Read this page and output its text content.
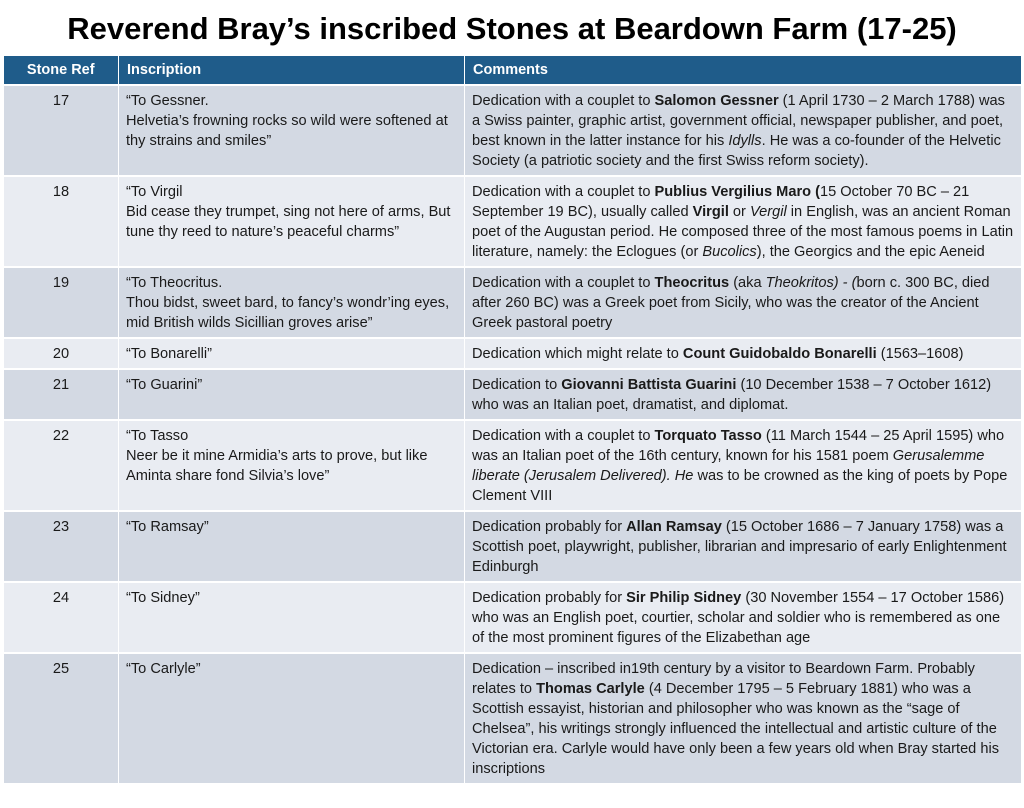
Reverend Bray’s inscribed Stones at Beardown Farm (17-25)
Stone Ref	Inscription	Comments
17	“To Gessner.
Helvetia’s frowning rocks so wild were softened at thy strains and smiles”	Dedication with a couplet to Salomon Gessner (1 April 1730 – 2 March 1788) was a Swiss painter, graphic artist, government official, newspaper publisher, and poet, best known in the latter instance for his Idylls. He was a co-founder of the Helvetic Society (a patriotic society and the first Swiss reform society).
18	“To Virgil
Bid cease they trumpet, sing not here of arms, But tune thy reed to nature’s peaceful charms”	Dedication with a couplet to Publius Vergilius Maro (15 October 70 BC – 21 September 19 BC), usually called Virgil or Vergil in English, was an ancient Roman poet of the Augustan period. He composed three of the most famous poems in Latin literature, namely: the Eclogues (or Bucolics), the Georgics and the epic Aeneid
19	“To Theocritus.
Thou bidst, sweet bard, to fancy’s wondr’ing eyes, mid British wilds Sicillian groves arise”	Dedication with a couplet to Theocritus (aka Theokritos) - (born c. 300 BC, died after 260 BC) was a Greek poet from Sicily, who was the creator of the Ancient Greek pastoral poetry
20	“To Bonarelli”	Dedication which might relate to Count Guidobaldo Bonarelli (1563–1608)
21	“To Guarini”	Dedication to Giovanni Battista Guarini (10 December 1538 – 7 October 1612) who was an Italian poet, dramatist, and diplomat.
22	“To Tasso
Neer be it mine Armidia’s arts to prove, but like Aminta share fond Silvia’s love”	Dedication with a couplet to Torquato Tasso (11 March 1544 – 25 April 1595) who was an Italian poet of the 16th century, known for his 1581 poem Gerusalemme liberate (Jerusalem Delivered). He was to be crowned as the king of poets by Pope Clement VIII
23	“To Ramsay”	Dedication probably for Allan Ramsay (15 October 1686 – 7 January 1758) was a Scottish poet, playwright, publisher, librarian and impresario of early Enlightenment Edinburgh
24	“To Sidney”	Dedication probably for Sir Philip Sidney (30 November 1554 – 17 October 1586) who was an English poet, courtier, scholar and soldier who is remembered as one of the most prominent figures of the Elizabethan age
25	“To Carlyle”	Dedication – inscribed in19th century by a visitor to Beardown Farm. Probably relates to Thomas Carlyle (4 December 1795 – 5 February 1881) who was a Scottish essayist, historian and philosopher who was known as the “sage of Chelsea”, his writings strongly influenced the intellectual and artistic culture of the Victorian era. Carlyle would have only been a few years old when Bray started his inscriptions
